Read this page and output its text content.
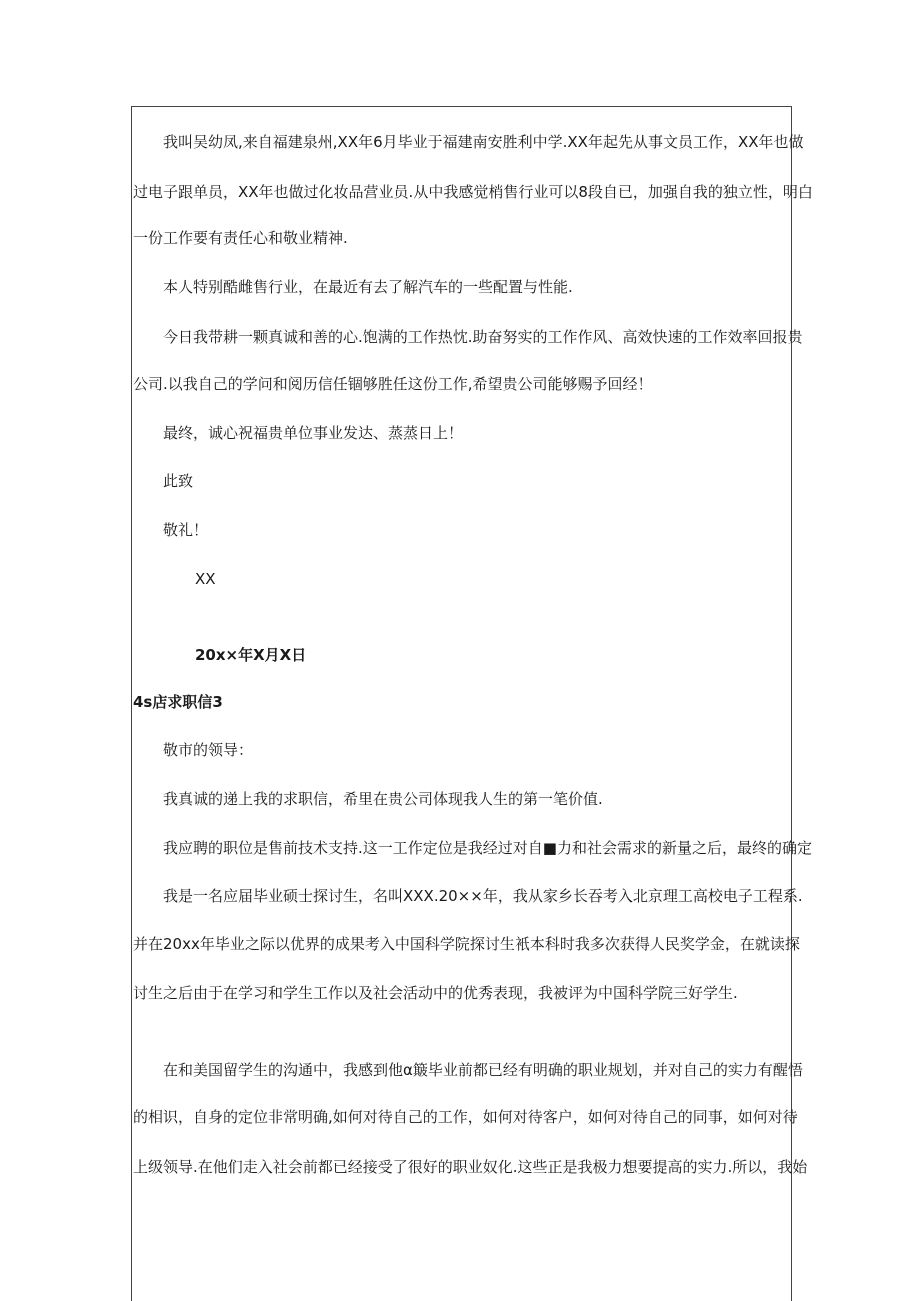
我叫吴幼凤,来自福建泉州,XX年6月毕业于福建南安胜利中学.XX年起先从事文员工作，XX年也做
过电子跟单员，XX年也做过化妆品营业员.从中我感觉梢售行业可以8段自已，加强自我的独立性，明白
一份工作要有责任心和敬业精神.
本人特别酷雌售行业，在最近有去了解汽车的一些配置与性能.
今日我带耕一颗真诚和善的心.饱满的工作热忱.助奋努实的工作作风、高效快速的工作效率回报贵
公司.以我自己的学问和阅历信任锢够胜任这份工作,希望贵公司能够赐予回经！
最终，诚心祝福贵单位事业发达、蒸蒸日上！
此致
敬礼！
XX
20x×年X月X日
4s店求职信3
敬市的领导：
我真诚的递上我的求职信，希里在贵公司体现我人生的第一笔价值.
我应聘的职位是售前技术支持.这一工作定位是我经过对自■力和社会需求的新量之后，最终的确定
我是一名应届毕业硕士探讨生，名叫XXX.20××年，我从家乡长吞考入北京理工高校电子工程系.
并在20xx年毕业之际以优界的成果考入中国科学院探讨生衹本科时我多次获得人民奖学金，在就读探
讨生之后由于在学习和学生工作以及社会活动中的优秀表现，我被评为中国科学院三好学生.
在和美国留学生的沟通中，我感到他α簸毕业前都已经有明确的职业规划，并对自己的实力有醒悟
的相识，自身的定位非常明确,如何对待自己的工作，如何对待客户，如何对待自己的同事，如何对待
上级领导.在他们走入社会前都已经接受了很好的职业奴化.这些正是我极力想要提高的实力.所以，我始
